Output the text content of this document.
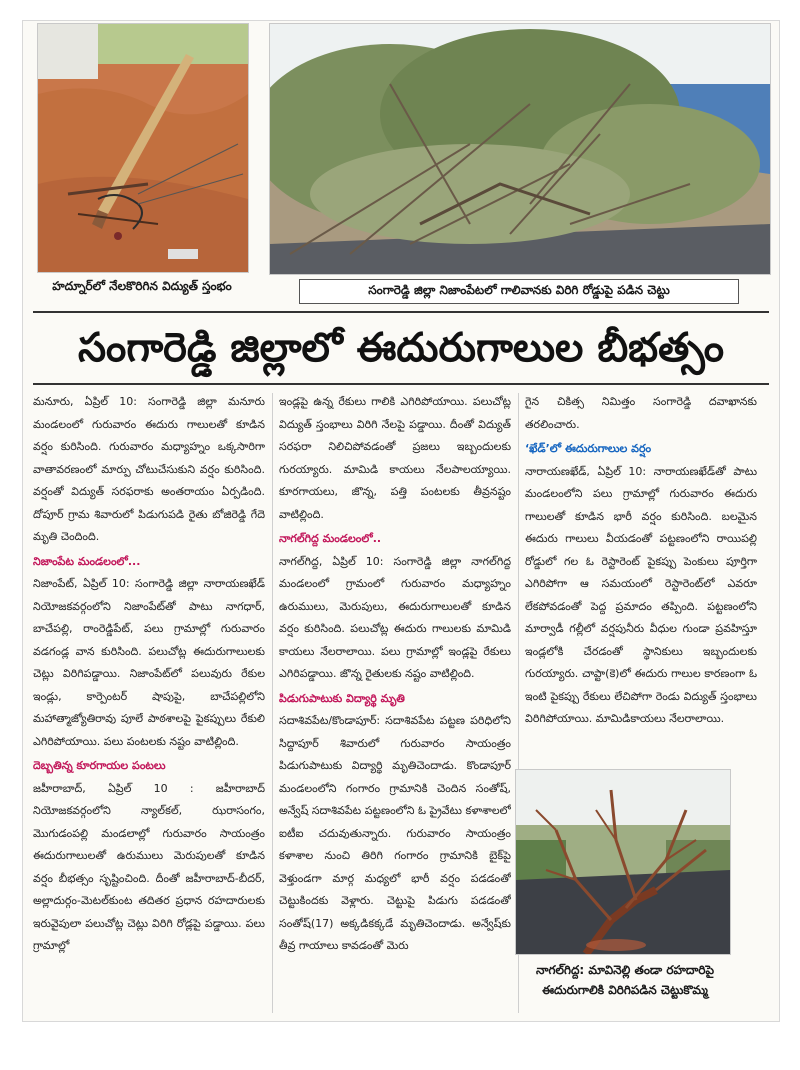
హద్నూర్‌లో నేలకొరిగిన విద్యుత్‌ స్తంభం	సంగారెడ్డి జిల్లా నిజాంపేటలో గాలివానకు విరిగి రోడ్డుపై పడిన చెట్టు
సంగారెడ్డి జిల్లాలో ఈదురుగాలుల బీభత్సం

మనూరు, ఏప్రిల్‌ 10: సంగారెడ్డి జిల్లా మనూరు మండలంలో గురువారం ఈదురు గాలులతో కూడిన వర్షం కురిసింది. గురువారం మధ్యాహ్నం ఒక్కసారిగా వాతావరణంలో మార్పు చోటుచేసుకుని వర్షం కురిసింది. వర్షంతో విద్యుత్‌ సరఫరాకు అంతరాయం ఏర్పడింది. దోపూర్‌ గ్రామ శివారులో పిడుగుపడి రైతు బోజిరెడ్డి గేదె మృతి చెందింది.

నిజాంపేట మండలంలో...

నిజాంపేట్‌, ఏప్రిల్‌ 10: సంగారెడ్డి జిల్లా నారాయణఖేడ్‌ నియోజకవర్గంలోని నిజాంపేట్‌తో పాటు నాగధార్‌, బాచేపల్లి, రాంరెడ్డిపేట్‌, పలు గ్రామాల్లో గురువారం వడగండ్ల వాన కురిసింది. పలుచోట్ల ఈదురుగాలులకు చెట్లు విరిగిపడ్డాయి. నిజాంపేట్‌లో పలువురు రేకుల ఇండ్లు, కార్పెంటర్‌ షాపుపై, బాచేపల్లిలోని మహాత్మాజ్యోతిరావు పూలే పాఠశాలపై పైకప్పులు రేకులి ఎగిరిపోయాయి. పలు పంటలకు నష్టం వాటిల్లింది.

దెబ్బతిన్న కూరగాయల పంటలు

జహీరాబాద్‌, ఏప్రిల్‌ 10 : జహీరాబాద్‌ నియోజకవర్గంలోని న్యాల్‌కల్‌, ఝరాసంగం, మొగుడంపల్లి మండలాల్లో గురువారం సాయంత్రం ఈదురుగాలులతో ఉరుములు మెరుపులతో కూడిన వర్షం బీభత్సం సృష్టించింది. దీంతో జహీరాబాద్‌-బీదర్‌, అల్లాదుర్గం-మెటల్‌కుంట తదితర ప్రధాన రహదారులకు ఇరువైపులా పలుచోట్ల చెట్లు విరిగి రోడ్లపై పడ్డాయి. పలు గ్రామాల్లో

ఇండ్లపై ఉన్న రేకులు గాలికి ఎగిరిపోయాయి. పలుచోట్ల విద్యుత్‌ స్తంభాలు విరిగి నేలపై పడ్డాయి. దీంతో విద్యుత్‌ సరఫరా నిలిచిపోవడంతో ప్రజలు ఇబ్బందులకు గురయ్యారు. మామిడి కాయలు నేలపాలయ్యాయి. కూరగాయలు, జొన్న, పత్తి పంటలకు తీవ్రనష్టం వాటిల్లింది.

నాగల్‌గిద్ద మండలంలో..

నాగల్‌గిద్ద, ఏప్రిల్‌ 10: సంగారెడ్డి జిల్లా నాగల్‌గిద్ద మండలంలో గ్రామంలో గురువారం మధ్యాహ్నం ఉరుములు, మెరుపులు, ఈదురుగాలులతో కూడిన వర్షం కురిసింది. పలుచోట్ల ఈదురు గాలులకు మామిడి కాయలు నేలరాలాయి. పలు గ్రామాల్లో ఇండ్లపై రేకులు ఎగిరిపడ్డాయి. జొన్న రైతులకు నష్టం వాటిల్లింది.

పిడుగుపాటుకు విద్యార్థి మృతి

సదాశివపేట/కొండాపూర్‌: సదాశివపేట పట్టణ పరిధిలోని సిద్దాపూర్‌ శివారులో గురువారం సాయంత్రం పిడుగుపాటుకు విద్యార్థి మృతిచెందాడు. కొండాపూర్‌ మండలంలోని గంగారం గ్రామానికి చెందిన సంతోష్‌, అన్వేష్‌ సదాశివపేట పట్టణంలోని ఓ ప్రైవేటు కళాశాలలో ఐటీఐ చదువుతున్నారు. గురువారం సాయంత్రం కళాశాల నుంచి తిరిగి గంగారం గ్రామానికి బైక్‌పై వెళ్తుండగా మార్గ మధ్యలో భారీ వర్షం పడడంతో చెట్టుకిందకు వెళ్లారు. చెట్టుపై పిడుగు పడడంతో సంతోష్‌(17) అక్కడికక్కడే మృతిచెందాడు. అన్వేష్‌కు తీవ్ర గాయాలు కావడంతో మెరు

గైన చికిత్స నిమిత్తం సంగారెడ్డి దవాఖానకు తరలించారు.

‘ఖేడ్‌’లో ఈదురుగాలుల వర్షం

నారాయణఖేడ్‌, ఏప్రిల్‌ 10: నారాయణఖేడ్‌తో పాటు మండలంలోని పలు గ్రామాల్లో గురువారం ఈదురు గాలులతో కూడిన భారీ వర్షం కురిసింది. బలమైన ఈదురు గాలులు వీయడంతో పట్టణంలోని రాయిపల్లి రోడ్డులో గల ఓ రెస్టారెంట్‌ పైకప్పు పెంకులు పూర్తిగా ఎగిరిపోగా ఆ సమయంలో రెస్టారెంట్‌లో ఎవరూ లేకపోవడంతో పెద్ద ప్రమాదం తప్పింది. పట్టణంలోని మార్వాడీ గల్లీలో వర్షపునీరు వీధుల గుండా ప్రవహిస్తూ ఇండ్లలోకి చేరడంతో స్థానికులు ఇబ్బందులకు గురయ్యారు. చాప్టా(కె)లో ఈదురు గాలుల కారణంగా ఓ ఇంటి పైకప్పు రేకులు లేచిపోగా రెండు విద్యుత్‌ స్తంభాలు విరిగిపోయాయి. మామిడికాయలు నేలరాలాయి.

నాగల్‌గిద్ద: మావినెల్లి తండా రహదారిపై
ఈదురుగాలికి విరిగిపడిన చెట్టుకొమ్మ
